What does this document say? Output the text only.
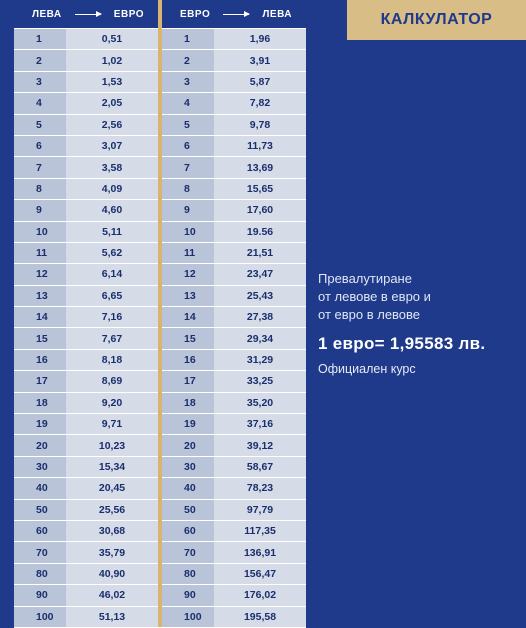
КАЛКУЛАТОР
ЛЕВА ЕВРО			ЕВРО ЛЕВА	

1	0,51		1	1,96
2	1,02		2	3,91
3	1,53		3	5,87
4	2,05		4	7,82
5	2,56		5	9,78
6	3,07		6	11,73
7	3,58		7	13,69
8	4,09		8	15,65
9	4,60		9	17,60
10	5,11		10	19.56
11	5,62		11	21,51
12	6,14		12	23,47
13	6,65		13	25,43
14	7,16		14	27,38
15	7,67		15	29,34
16	8,18		16	31,29
17	8,69		17	33,25
18	9,20		18	35,20
19	9,71		19	37,16
20	10,23		20	39,12
30	15,34		30	58,67
40	20,45		40	78,23
50	25,56		50	97,79
60	30,68		60	117,35
70	35,79		70	136,91
80	40,90		80	156,47
90	46,02		90	176,02
100	51,13		100	195,58
Превалутиране
от левове в евро и
от евро в левове
1 евро= 1,95583 лв.
Официален курс
